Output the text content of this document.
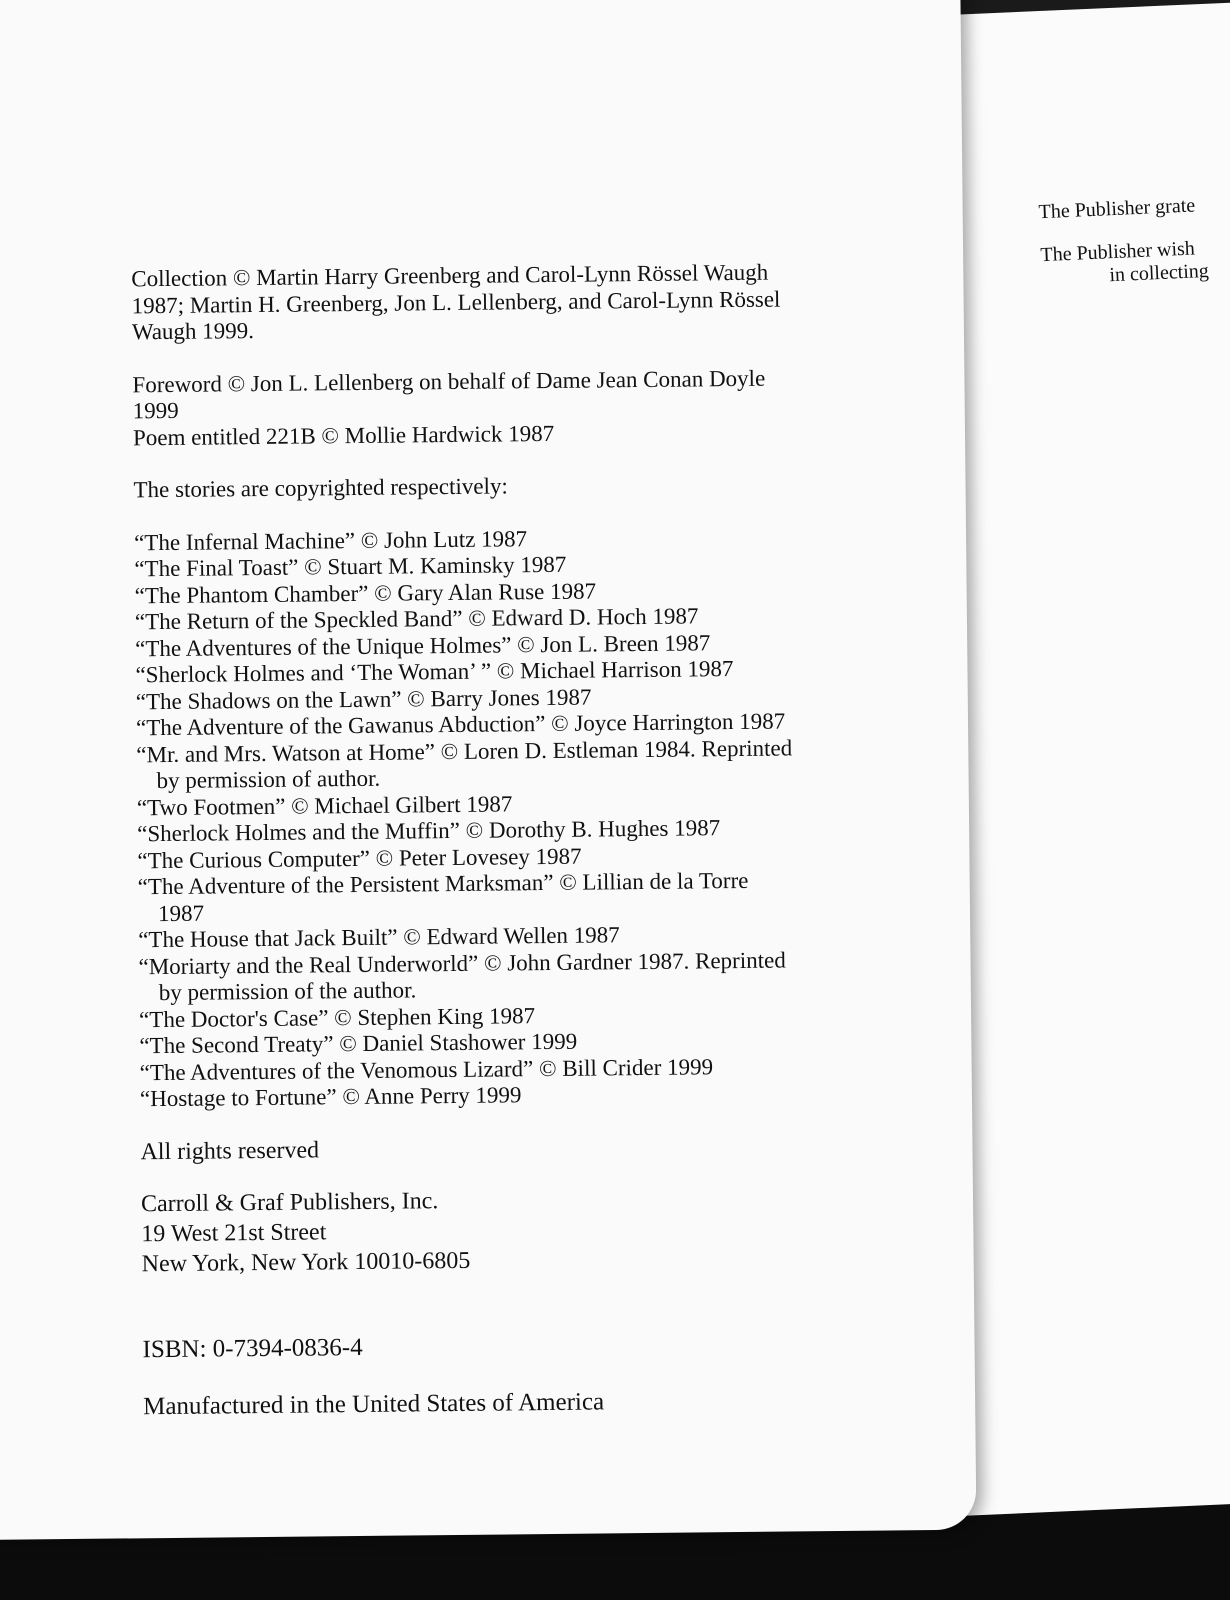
The Publisher grate
The Publisher wish
in collecting
Collection © Martin Harry Greenberg and Carol-Lynn Rössel Waugh
1987; Martin H. Greenberg, Jon L. Lellenberg, and Carol-Lynn Rössel
Waugh 1999.
Foreword © Jon L. Lellenberg on behalf of Dame Jean Conan Doyle
1999
Poem entitled 221B © Mollie Hardwick 1987
The stories are copyrighted respectively:
“The Infernal Machine” © John Lutz 1987
“The Final Toast” © Stuart M. Kaminsky 1987
“The Phantom Chamber” © Gary Alan Ruse 1987
“The Return of the Speckled Band” © Edward D. Hoch 1987
“The Adventures of the Unique Holmes” © Jon L. Breen 1987
“Sherlock Holmes and ‘The Woman’ ” © Michael Harrison 1987
“The Shadows on the Lawn” © Barry Jones 1987
“The Adventure of the Gawanus Abduction” © Joyce Harrington 1987
“Mr. and Mrs. Watson at Home” © Loren D. Estleman 1984. Reprinted
by permission of author.
“Two Footmen” © Michael Gilbert 1987
“Sherlock Holmes and the Muffin” © Dorothy B. Hughes 1987
“The Curious Computer” © Peter Lovesey 1987
“The Adventure of the Persistent Marksman” © Lillian de la Torre
1987
“The House that Jack Built” © Edward Wellen 1987
“Moriarty and the Real Underworld” © John Gardner 1987. Reprinted
by permission of the author.
“The Doctor's Case” © Stephen King 1987
“The Second Treaty” © Daniel Stashower 1999
“The Adventures of the Venomous Lizard” © Bill Crider 1999
“Hostage to Fortune” © Anne Perry 1999
All rights reserved
Carroll & Graf Publishers, Inc.
19 West 21st Street
New York, New York 10010-6805
ISBN: 0-7394-0836-4
Manufactured in the United States of America
